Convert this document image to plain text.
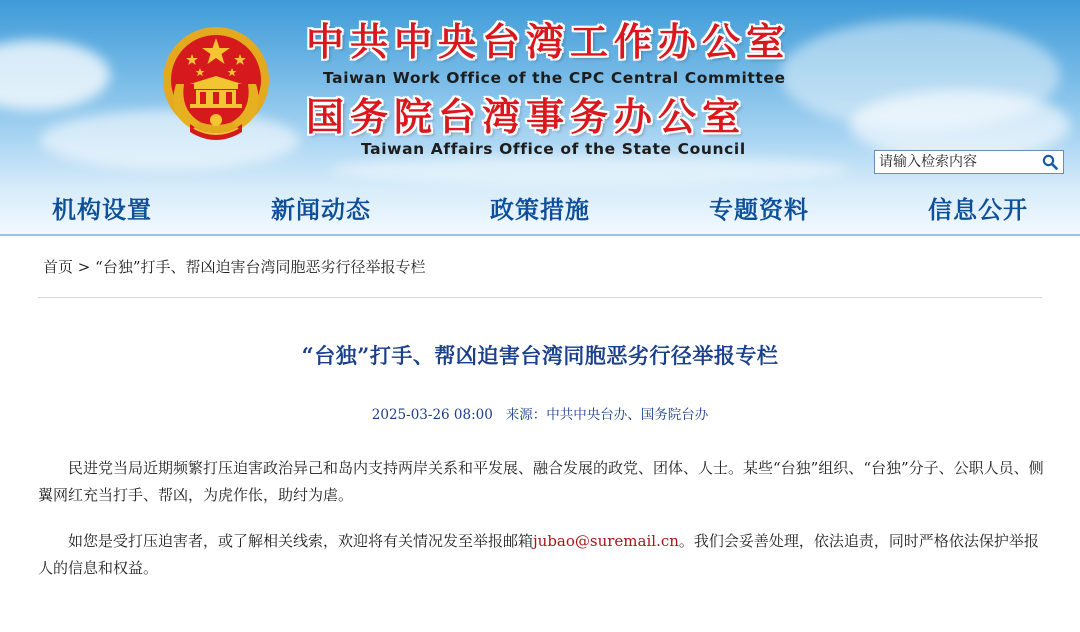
中共中央台湾工作办公室
Taiwan Work Office of the CPC Central Committee
国务院台湾事务办公室
Taiwan Affairs Office of the State Council
请输入检索内容
机构设置	新闻动态	政策措施	专题资料	信息公开
首页 > “台独”打手、帮凶迫害台湾同胞恶劣行径举报专栏
“台独”打手、帮凶迫害台湾同胞恶劣行径举报专栏
2025-03-26 08:00 来源：中共中央台办、国务院台办

民进党当局近期频繁打压迫害政治异己和岛内支持两岸关系和平发展、融合发展的政党、团体、人士。某些“台独”组织、“台独”分子、公职人员、侧翼网红充当打手、帮凶，为虎作伥，助纣为虐。

如您是受打压迫害者，或了解相关线索，欢迎将有关情况发至举报邮箱jubao@suremail.cn。我们会妥善处理，依法追责，同时严格依法保护举报人的信息和权益。
